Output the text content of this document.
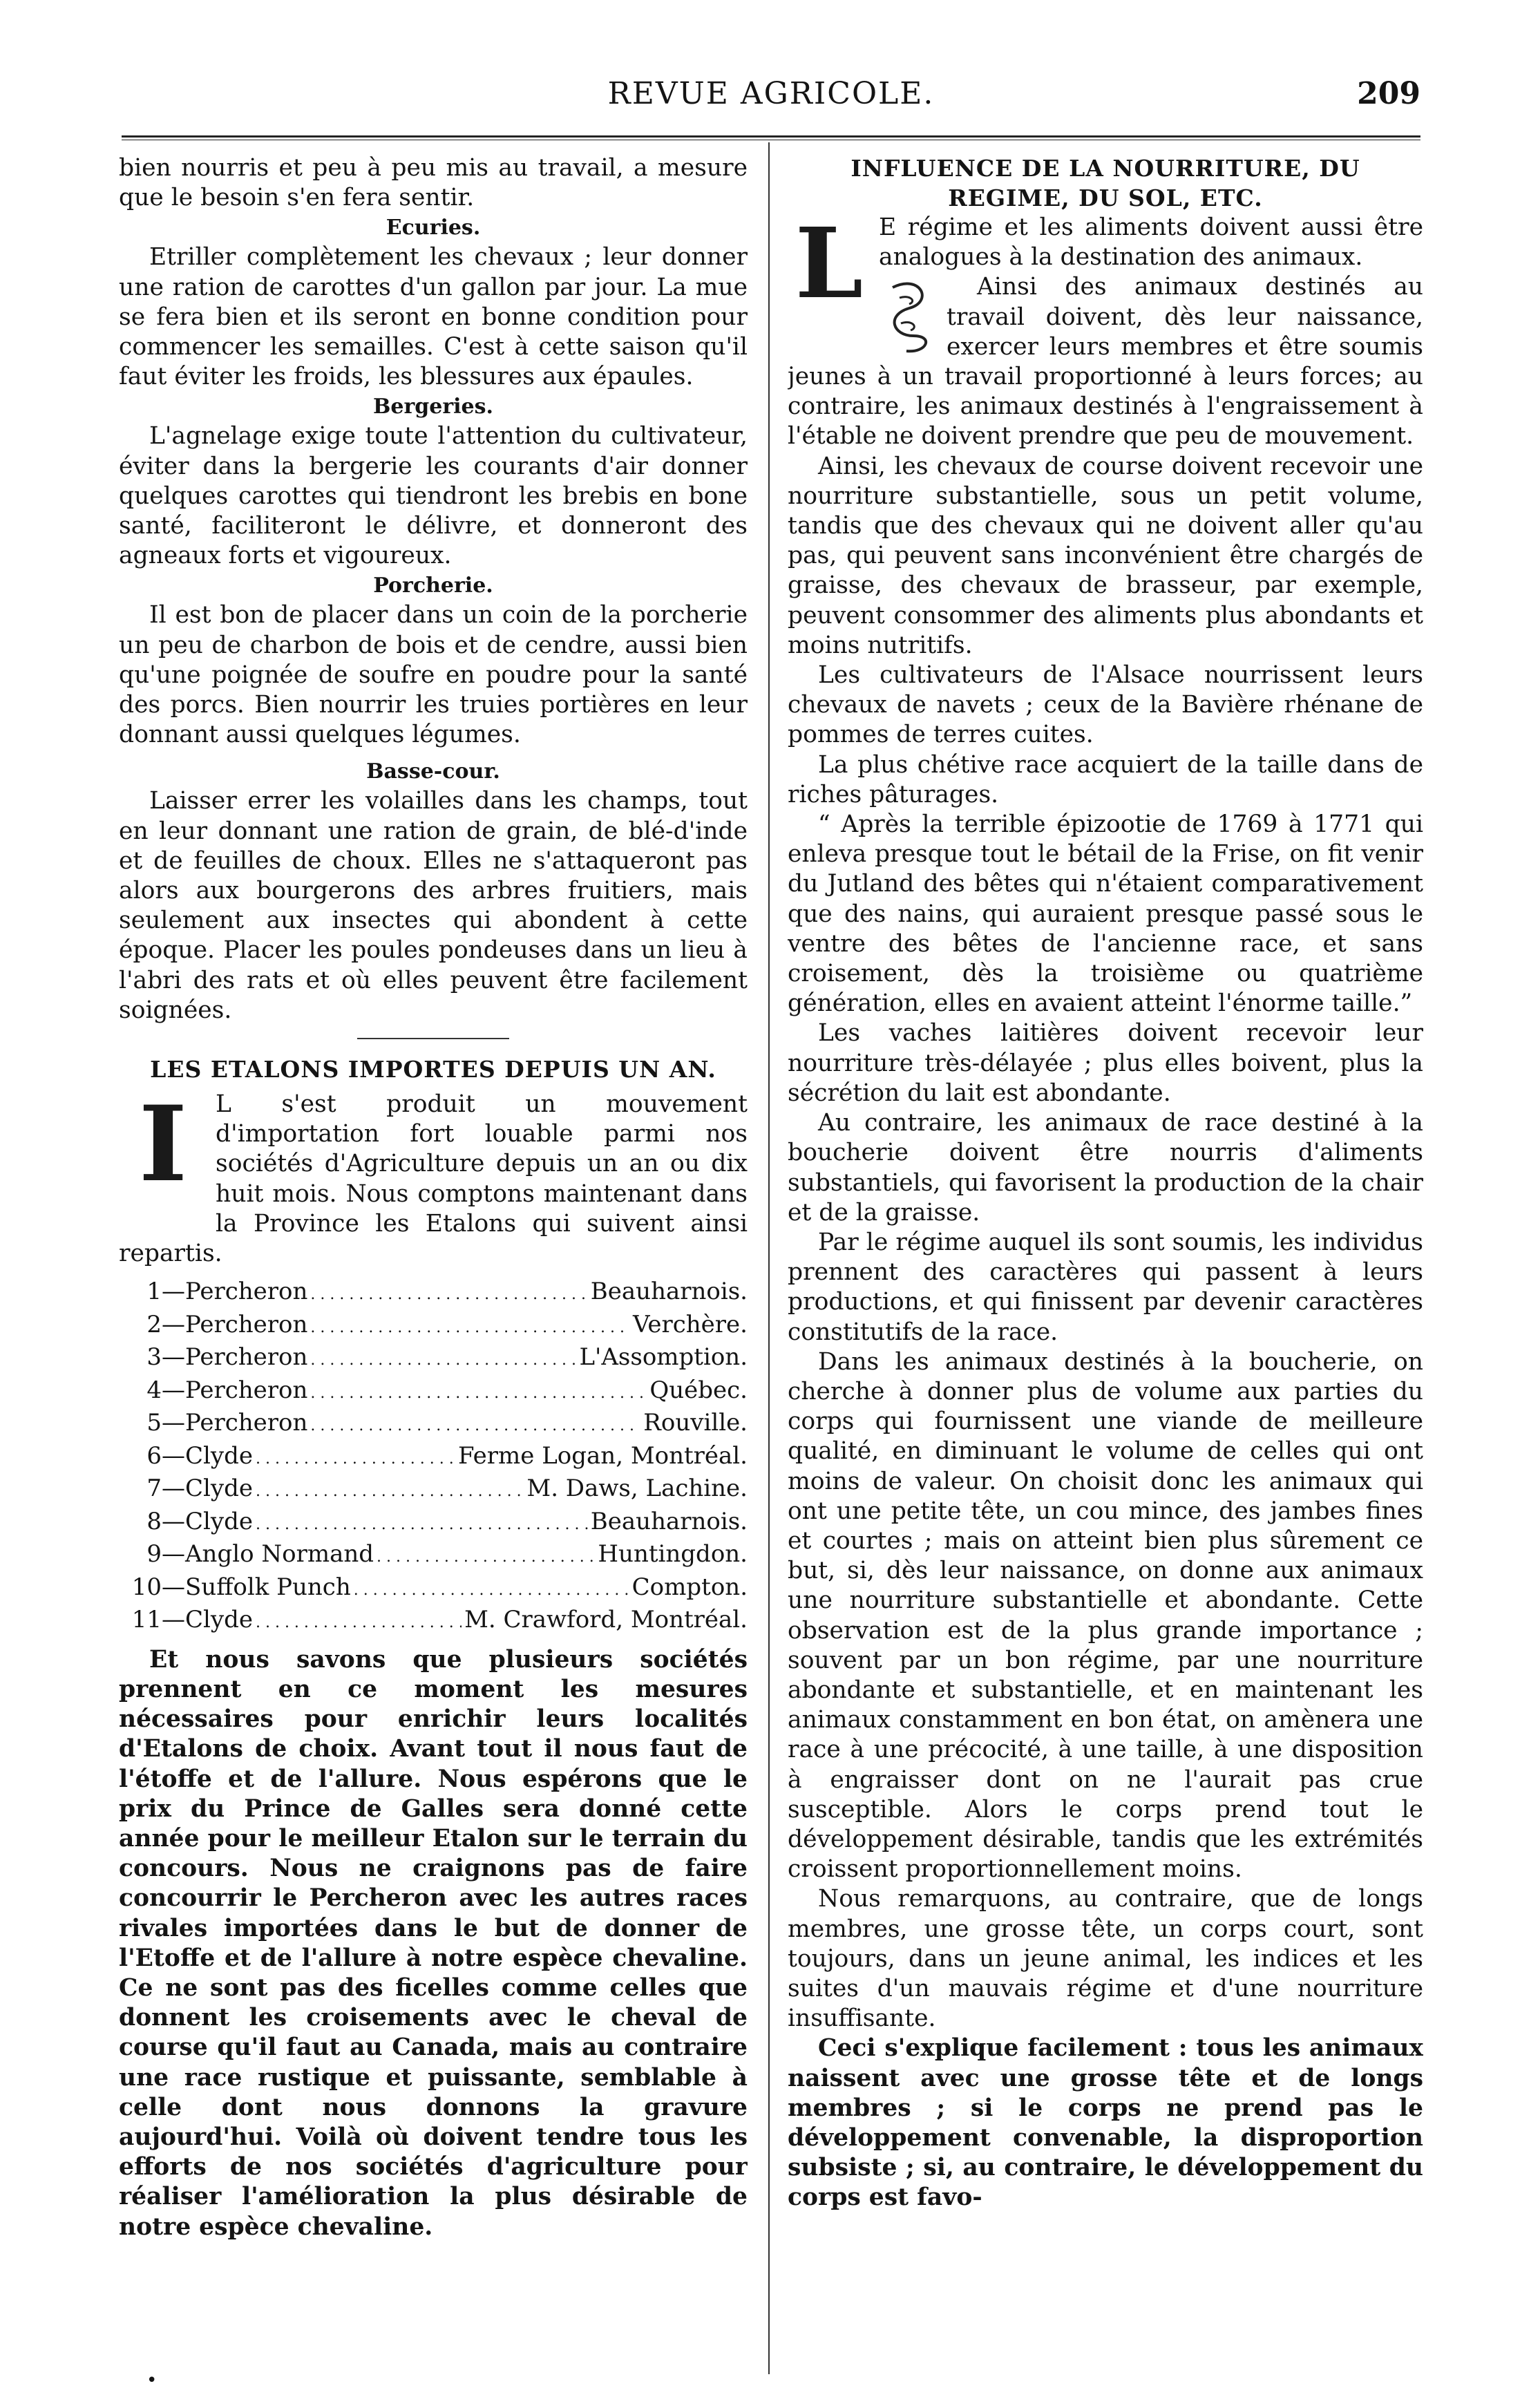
REVUE AGRICOLE.	209

bien nourris et peu à peu mis au travail, a mesure que le besoin s'en fera sentir.

Ecuries.

Etriller complètement les chevaux ; leur donner une ration de carottes d'un gallon par jour. La mue se fera bien et ils seront en bonne condition pour commencer les semailles. C'est à cette saison qu'il faut éviter les froids, les blessures aux épaules.

Bergeries.

L'agnelage exige toute l'attention du cultivateur, éviter dans la bergerie les courants d'air donner quelques carottes qui tiendront les brebis en bone santé, faciliteront le délivre, et donneront des agneaux forts et vigoureux.

Porcherie.

Il est bon de placer dans un coin de la porcherie un peu de charbon de bois et de cendre, aussi bien qu'une poignée de soufre en poudre pour la santé des porcs. Bien nourrir les truies portières en leur donnant aussi quelques légumes.

Basse-cour.

Laisser errer les volailles dans les champs, tout en leur donnant une ration de grain, de blé-d'inde et de feuilles de choux. Elles ne s'attaqueront pas alors aux bourgerons des arbres fruitiers, mais seulement aux insectes qui abondent à cette époque. Placer les poules pondeuses dans un lieu à l'abri des rats et où elles peuvent être facilement soignées.

LES ETALONS IMPORTES DEPUIS UN AN.
I	L s'est produit un mouvement d'importation fort louable parmi nos sociétés d'Agriculture depuis un an ou dix huit mois. Nous comptons maintenant dans la Province les Etalons qui suivent ainsi repartis.

1— Percheron . . .	Beauharnois.
2— Percheron . . .	Verchère.
3— Percheron . . .	L'Assomption.
4— Percheron . . .	Québec.
5— Percheron . . .	Rouville.
6— Clyde . . .	Ferme Logan, Montréal.
7— Clyde . . .	M. Daws, Lachine.
8— Clyde . . .	Beauharnois.
9— Anglo Normand . . .	Huntingdon.
10— Suffolk Punch . . .	Compton.
11— Clyde . . .	M. Crawford, Montréal.

Et nous savons que plusieurs sociétés prennent en ce moment les mesures nécessaires pour enrichir leurs localités d'Etalons de choix. Avant tout il nous faut de l'étoffe et de l'allure. Nous espérons que le prix du Prince de Galles sera donné cette année pour le meilleur Etalon sur le terrain du concours. Nous ne craignons pas de faire concourrir le Percheron avec les autres races rivales importées dans le but de donner de l'Etoffe et de l'allure à notre espèce chevaline. Ce ne sont pas des ficelles comme celles que donnent les croisements avec le cheval de course qu'il faut au Canada, mais au contraire une race rustique et puissante, semblable à celle dont nous donnons la gravure aujourd'hui. Voilà où doivent tendre tous les efforts de nos sociétés d'agriculture pour réaliser l'amélioration la plus désirable de notre espèce chevaline.

INFLUENCE DE LA NOURRITURE, DU
REGIME, DU SOL, ETC.
L E régime et les aliments doivent aussi être analogues à la destination des animaux.

Ainsi des animaux destinés au travail doivent, dès leur naissance, exercer leurs membres et être soumis jeunes à un travail proportionné à leurs forces; au contraire, les animaux destinés à l'engraissement à l'étable ne doivent prendre que peu de mouvement.

Ainsi, les chevaux de course doivent recevoir une nourriture substantielle, sous un petit volume, tandis que des chevaux qui ne doivent aller qu'au pas, qui peuvent sans inconvénient être chargés de graisse, des chevaux de brasseur, par exemple, peuvent consommer des aliments plus abondants et moins nutritifs.

Les cultivateurs de l'Alsace nourrissent leurs chevaux de navets ; ceux de la Bavière rhénane de pommes de terres cuites.

La plus chétive race acquiert de la taille dans de riches pâturages.

“ Après la terrible épizootie de 1769 à 1771 qui enleva presque tout le bétail de la Frise, on fit venir du Jutland des bêtes qui n'étaient comparativement que des nains, qui auraient presque passé sous le ventre des bêtes de l'ancienne race, et sans croisement, dès la troisième ou quatrième génération, elles en avaient atteint l'énorme taille.”

Les vaches laitières doivent recevoir leur nourriture très-délayée ; plus elles boivent, plus la sécrétion du lait est abondante.

Au contraire, les animaux de race destiné à la boucherie doivent être nourris d'aliments substantiels, qui favorisent la production de la chair et de la graisse.

Par le régime auquel ils sont soumis, les individus prennent des caractères qui passent à leurs productions, et qui finissent par devenir caractères constitutifs de la race.

Dans les animaux destinés à la boucherie, on cherche à donner plus de volume aux parties du corps qui fournissent une viande de meilleure qualité, en diminuant le volume de celles qui ont moins de valeur. On choisit donc les animaux qui ont une petite tête, un cou mince, des jambes fines et courtes ; mais on atteint bien plus sûrement ce but, si, dès leur naissance, on donne aux animaux une nourriture substantielle et abondante. Cette observation est de la plus grande importance ; souvent par un bon régime, par une nourriture abondante et substantielle, et en maintenant les animaux constamment en bon état, on amènera une race à une précocité, à une taille, à une disposition à engraisser dont on ne l'aurait pas crue susceptible. Alors le corps prend tout le développement désirable, tandis que les extrémités croissent proportionnellement moins.

Nous remarquons, au contraire, que de longs membres, une grosse tête, un corps court, sont toujours, dans un jeune animal, les indices et les suites d'un mauvais régime et d'une nourriture insuffisante.

Ceci s'explique facilement : tous les animaux naissent avec une grosse tête et de longs membres ; si le corps ne prend pas le développement convenable, la disproportion subsiste ; si, au contraire, le développement du corps est favo-

•
